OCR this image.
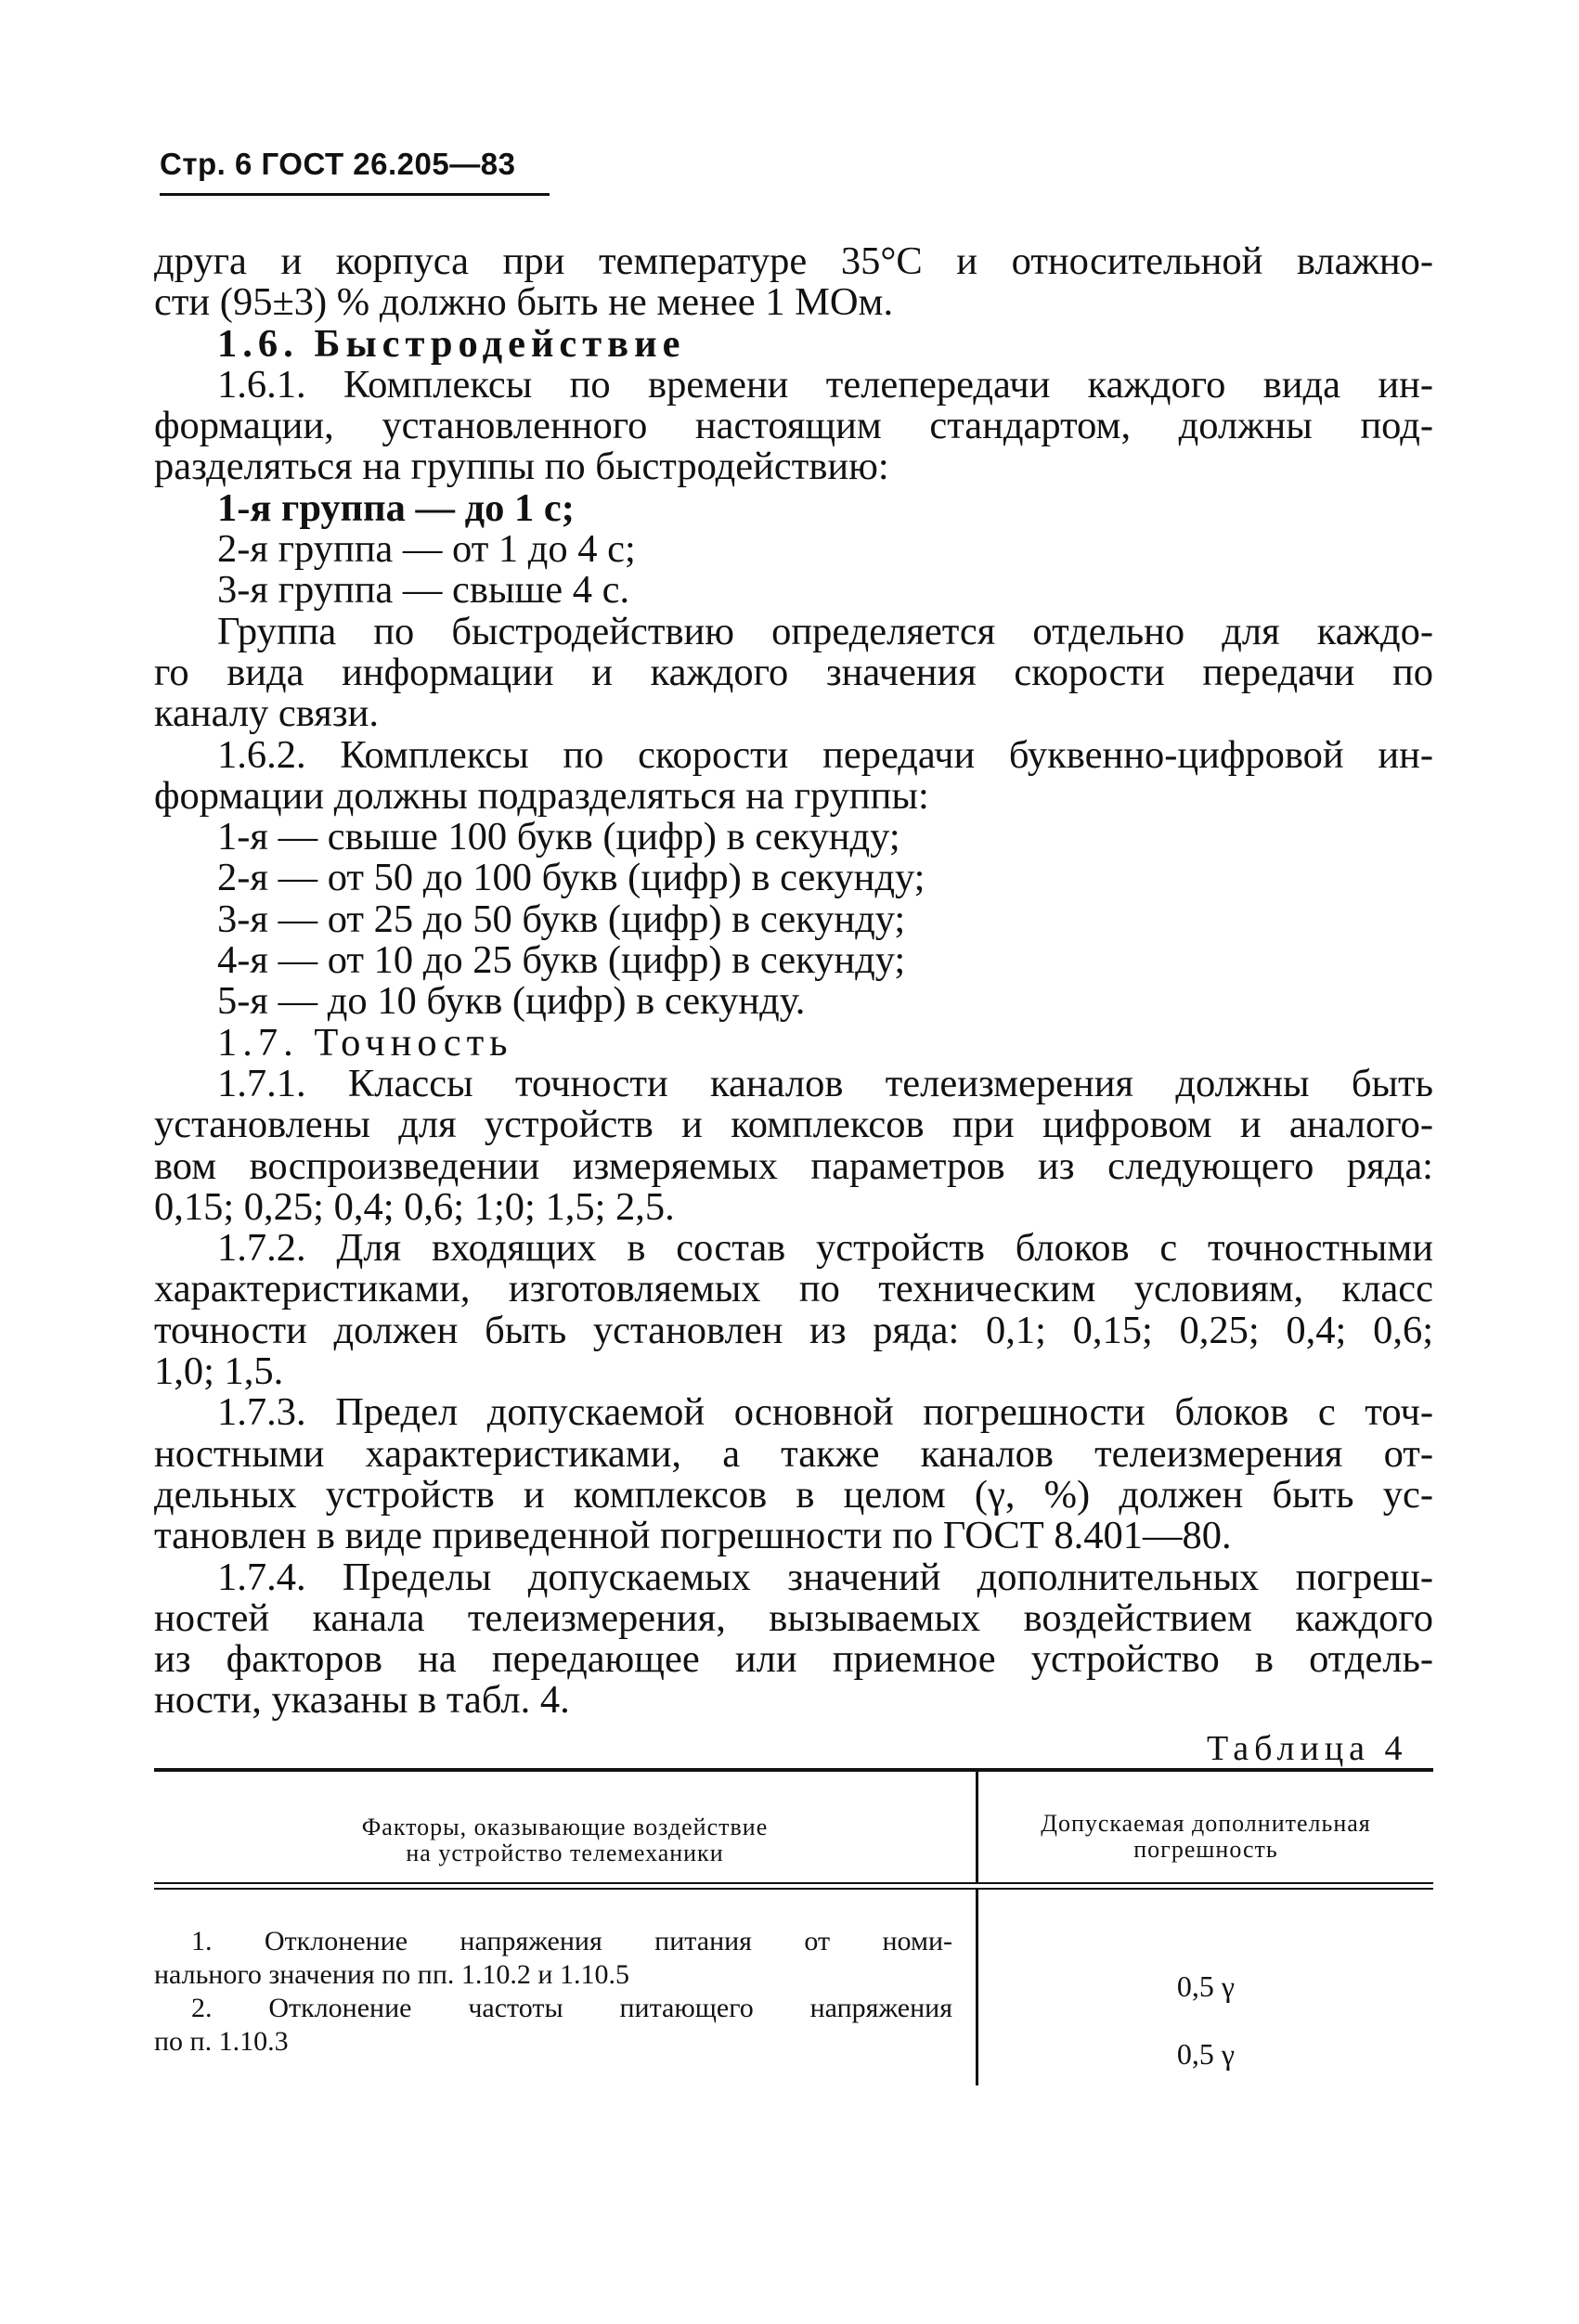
Стр. 6 ГОСТ 26.205—83

друга и корпуса при температуре 35°С и относительной влажно-

сти (95±3) % должно быть не менее 1 МОм.

1.6. Быстродействие

1.6.1. Комплексы по времени телепередачи каждого вида ин-

формации, установленного настоящим стандартом, должны под-

разделяться на группы по быстродействию:

1-я группа — до 1 с;

2-я группа — от 1 до 4 с;

3-я группа — свыше 4 с.

Группа по быстродействию определяется отдельно для каждо-

го вида информации и каждого значения скорости передачи по

каналу связи.

1.6.2. Комплексы по скорости передачи буквенно-цифровой ин-

формации должны подразделяться на группы:

1-я — свыше 100 букв (цифр) в секунду;

2-я — от 50 до 100 букв (цифр) в секунду;

3-я — от 25 до 50 букв (цифр) в секунду;

4-я — от 10 до 25 букв (цифр) в секунду;

5-я — до 10 букв (цифр) в секунду.

1.7. Точность

1.7.1. Классы точности каналов телеизмерения должны быть

установлены для устройств и комплексов при цифровом и аналого-

вом воспроизведении измеряемых параметров из следующего ряда:

0,15; 0,25; 0,4; 0,6; 1;0; 1,5; 2,5.

1.7.2. Для входящих в состав устройств блоков с точностными

характеристиками, изготовляемых по техническим условиям, класс

точности должен быть установлен из ряда: 0,1; 0,15; 0,25; 0,4; 0,6;

1,0; 1,5.

1.7.3. Предел допускаемой основной погрешности блоков с точ-

ностными характеристиками, а также каналов телеизмерения от-

дельных устройств и комплексов в целом (γ, %) должен быть ус-

тановлен в виде приведенной погрешности по ГОСТ 8.401—80.

1.7.4. Пределы допускаемых значений дополнительных погреш-

ностей канала телеизмерения, вызываемых воздействием каждого

из факторов на передающее или приемное устройство в отдель-

ности, указаны в табл. 4.

Таблица 4
Факторы, оказывающие воздействие
на устройство телемеханики
Допускаемая дополнительная
погрешность

1. Отклонение напряжения питания от номи-

нального значения по пп. 1.10.2 и 1.10.5

2. Отклонение частоты питающего напряжения

по п. 1.10.3

0,5 γ
0,5 γ
